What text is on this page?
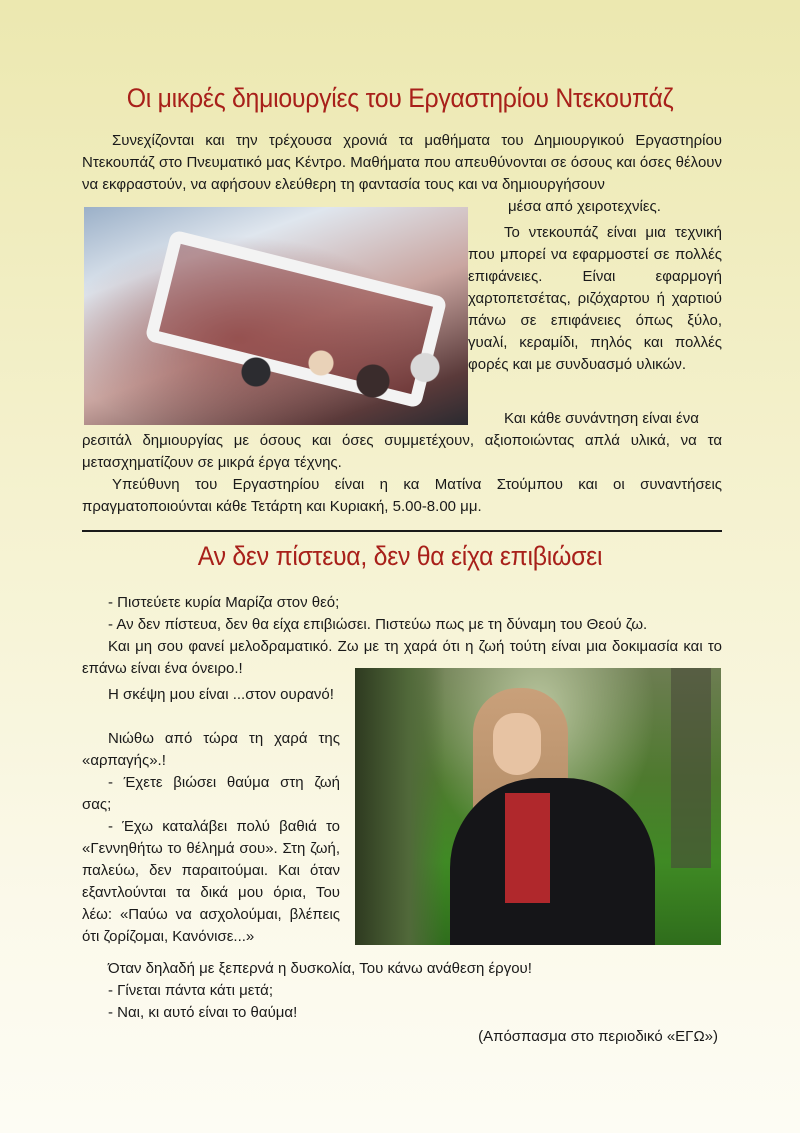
Οι μικρές δημιουργίες του Εργαστηρίου Ντεκουπάζ

Συνεχίζονται και την τρέχουσα χρονιά τα μαθήματα του Δημιουργικού Εργαστηρίου Ντεκουπάζ στο Πνευματικό μας Κέντρο. Μαθήματα που απευθύνονται σε όσους και όσες θέλουν να εκφραστούν, να αφήσουν ελεύθερη τη φαντασία τους και να δημιουργήσουν

μέσα από χειροτεχνίες.

Το ντεκουπάζ είναι μια τεχνική που μπορεί να εφαρμοστεί σε πολλές επιφάνειες. Είναι εφαρμογή χαρτοπετσέτας, ριζόχαρτου ή χαρτιού πάνω σε επιφάνειες όπως ξύλο, γυαλί, κεραμίδι, πηλός και πολλές φορές και με συνδυασμό υλικών.

Και κάθε συνάντηση είναι ένα

ρεσιτάλ δημιουργίας με όσους και όσες συμμετέχουν, αξιοποιώντας απλά υλικά, να τα μετασχηματίζουν σε μικρά έργα τέχνης.

Υπεύθυνη του Εργαστηρίου είναι η κα Ματίνα Στούμπου και οι συναντήσεις πραγματοποιούνται κάθε Τετάρτη και Κυριακή, 5.00-8.00 μμ.

Αν δεν πίστευα, δεν θα είχα επιβιώσει

- Πιστεύετε κυρία Μαρίζα στον θεό;

- Αν δεν πίστευα, δεν θα είχα επιβιώσει. Πιστεύω πως με τη δύναμη του Θεού ζω.

Και μη σου φανεί μελοδραματικό. Ζω με τη χαρά ότι η ζωή τούτη είναι μια δοκιμασία και το επάνω είναι ένα όνειρο.!

Η σκέψη μου είναι ...στον ουρανό!

Νιώθω από τώρα τη χαρά της «αρπαγής».!

- Έχετε βιώσει θαύμα στη ζωή σας;

- Έχω καταλάβει πολύ βαθιά το «Γεννηθήτω το θέλημά σου». Στη ζωή, παλεύω, δεν παραιτούμαι. Και όταν εξαντλούνται τα δικά μου όρια, Του λέω: «Παύω να ασχολούμαι, βλέπεις ότι ζορίζομαι, Κανόνισε...»

Όταν δηλαδή με ξεπερνά η δυσκολία, Του κάνω ανάθεση έργου!

- Γίνεται πάντα κάτι μετά;

- Ναι, κι αυτό είναι το θαύμα!

(Απόσπασμα στο περιοδικό «ΕΓΩ»)
